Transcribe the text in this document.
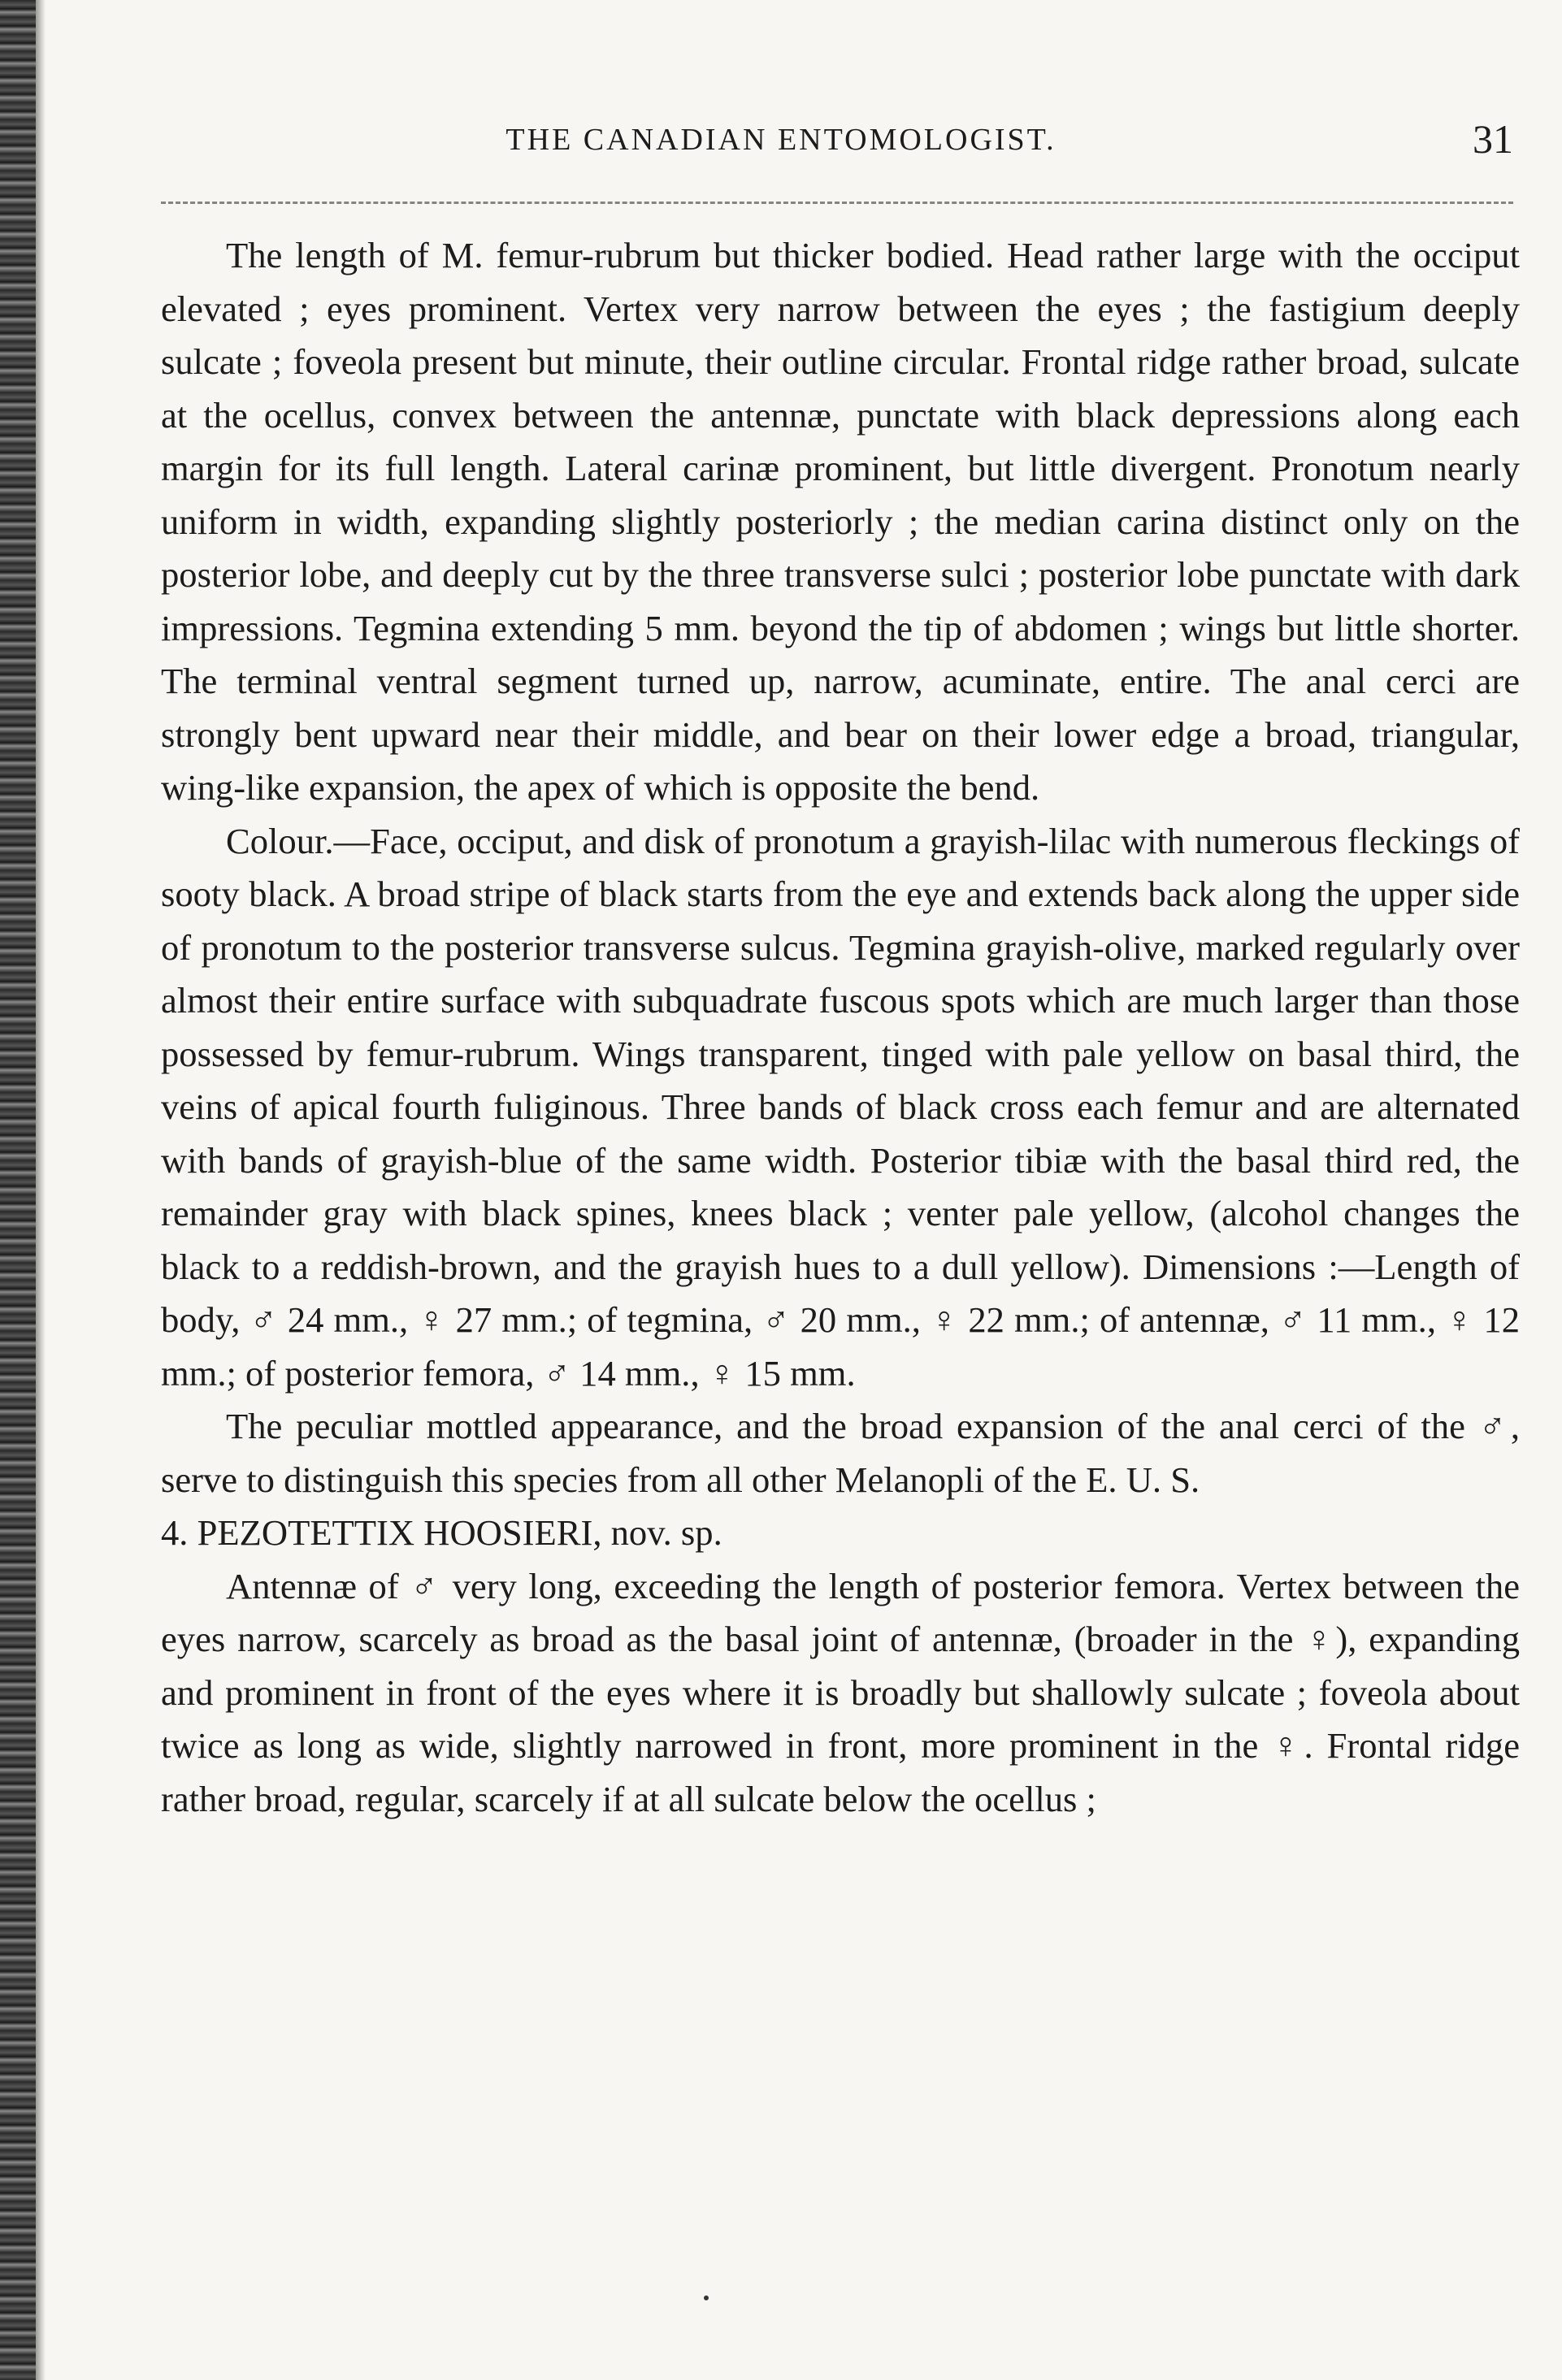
THE CANADIAN ENTOMOLOGIST.	31

The length of M. femur-rubrum but thicker bodied. Head rather large with the occiput elevated ; eyes prominent. Vertex very narrow between the eyes ; the fastigium deeply sulcate ; foveola present but minute, their outline circular. Frontal ridge rather broad, sulcate at the ocellus, convex between the antennæ, punctate with black depressions along each margin for its full length. Lateral carinæ prominent, but little divergent. Pronotum nearly uniform in width, expanding slightly posteriorly ; the median carina distinct only on the posterior lobe, and deeply cut by the three transverse sulci ; posterior lobe punctate with dark impressions. Tegmina extending 5 mm. beyond the tip of abdomen ; wings but little shorter. The terminal ventral segment turned up, narrow, acuminate, entire. The anal cerci are strongly bent upward near their middle, and bear on their lower edge a broad, triangular, wing-like expansion, the apex of which is opposite the bend.

Colour.—Face, occiput, and disk of pronotum a grayish-lilac with numerous fleckings of sooty black. A broad stripe of black starts from the eye and extends back along the upper side of pronotum to the posterior transverse sulcus. Tegmina grayish-olive, marked regularly over almost their entire surface with subquadrate fuscous spots which are much larger than those possessed by femur-rubrum. Wings transparent, tinged with pale yellow on basal third, the veins of apical fourth fuliginous. Three bands of black cross each femur and are alternated with bands of grayish-blue of the same width. Posterior tibiæ with the basal third red, the remainder gray with black spines, knees black ; venter pale yellow, (alcohol changes the black to a reddish-brown, and the grayish hues to a dull yellow). Dimensions :—Length of body, ♂ 24 mm., ♀ 27 mm.; of tegmina, ♂ 20 mm., ♀ 22 mm.; of antennæ, ♂ 11 mm., ♀ 12 mm.; of posterior femora, ♂ 14 mm., ♀ 15 mm.

The peculiar mottled appearance, and the broad expansion of the anal cerci of the ♂, serve to distinguish this species from all other Melanopli of the E. U. S.

4. PEZOTETTIX HOOSIERI, nov. sp.

Antennæ of ♂ very long, exceeding the length of posterior femora. Vertex between the eyes narrow, scarcely as broad as the basal joint of antennæ, (broader in the ♀), expanding and prominent in front of the eyes where it is broadly but shallowly sulcate ; foveola about twice as long as wide, slightly narrowed in front, more prominent in the ♀. Frontal ridge rather broad, regular, scarcely if at all sulcate below the ocellus ;
